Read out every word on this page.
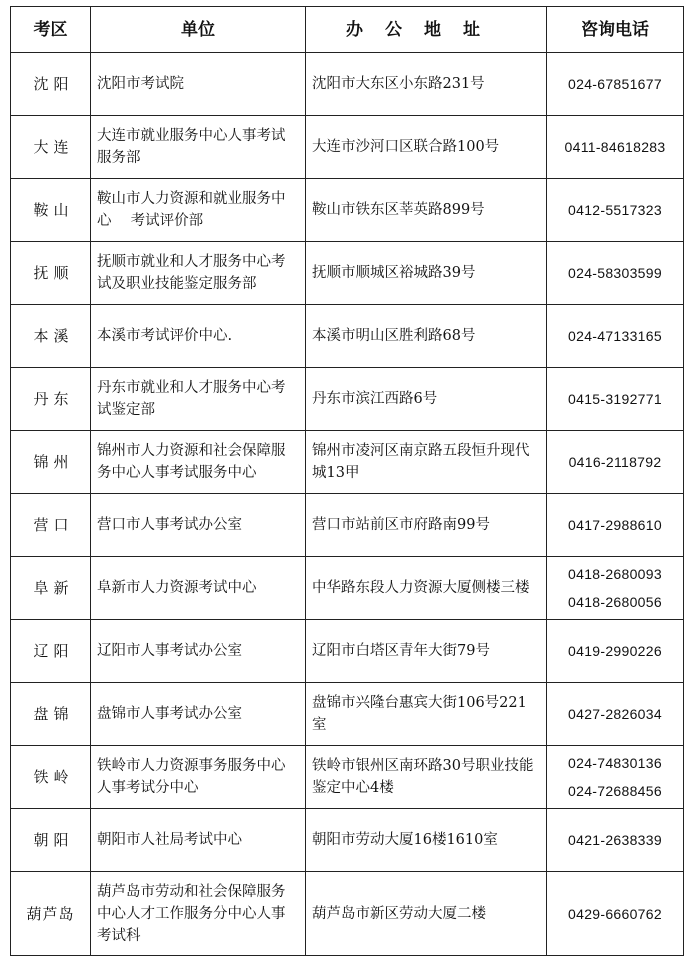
考区	单位	办公地址	咨询电话
沈阳	沈阳市考试院	沈阳市大东区小东路231号	024-67851677

大连	大连市就业服务中心人事考试服务部	大连市沙河口区联合路100号	0411-84618283

鞍山	鞍山市人力资源和就业服务中心　 考试评价部	鞍山市铁东区莘英路899号	0412-5517323

抚顺	抚顺市就业和人才服务中心考试及职业技能鉴定服务部	抚顺市顺城区裕城路39号	024-58303599

本溪	本溪市考试评价中心.	本溪市明山区胜利路68号	024-47133165

丹东	丹东市就业和人才服务中心考试鉴定部	丹东市滨江西路6号	0415-3192771

锦州	锦州市人力资源和社会保障服务中心人事考试服务中心	锦州市凌河区南京路五段恒升现代城13甲	0416-2118792

营口	营口市人事考试办公室	营口市站前区市府路南99号	0417-2988610

阜新	阜新市人力资源考试中心	中华路东段人力资源大厦侧楼三楼	0418-2680093
0418-2680056

辽阳	辽阳市人事考试办公室	辽阳市白塔区青年大街79号	0419-2990226

盘锦	盘锦市人事考试办公室	盘锦市兴隆台惠宾大街106号221室	0427-2826034

铁岭	铁岭市人力资源事务服务中心人事考试分中心	铁岭市银州区南环路30号职业技能鉴定中心4楼	024-74830136
024-72688456

朝阳	朝阳市人社局考试中心	朝阳市劳动大厦16楼1610室	0421-2638339

葫芦岛	葫芦岛市劳动和社会保障服务中心人才工作服务分中心人事考试科	葫芦岛市新区劳动大厦二楼	0429-6660762
